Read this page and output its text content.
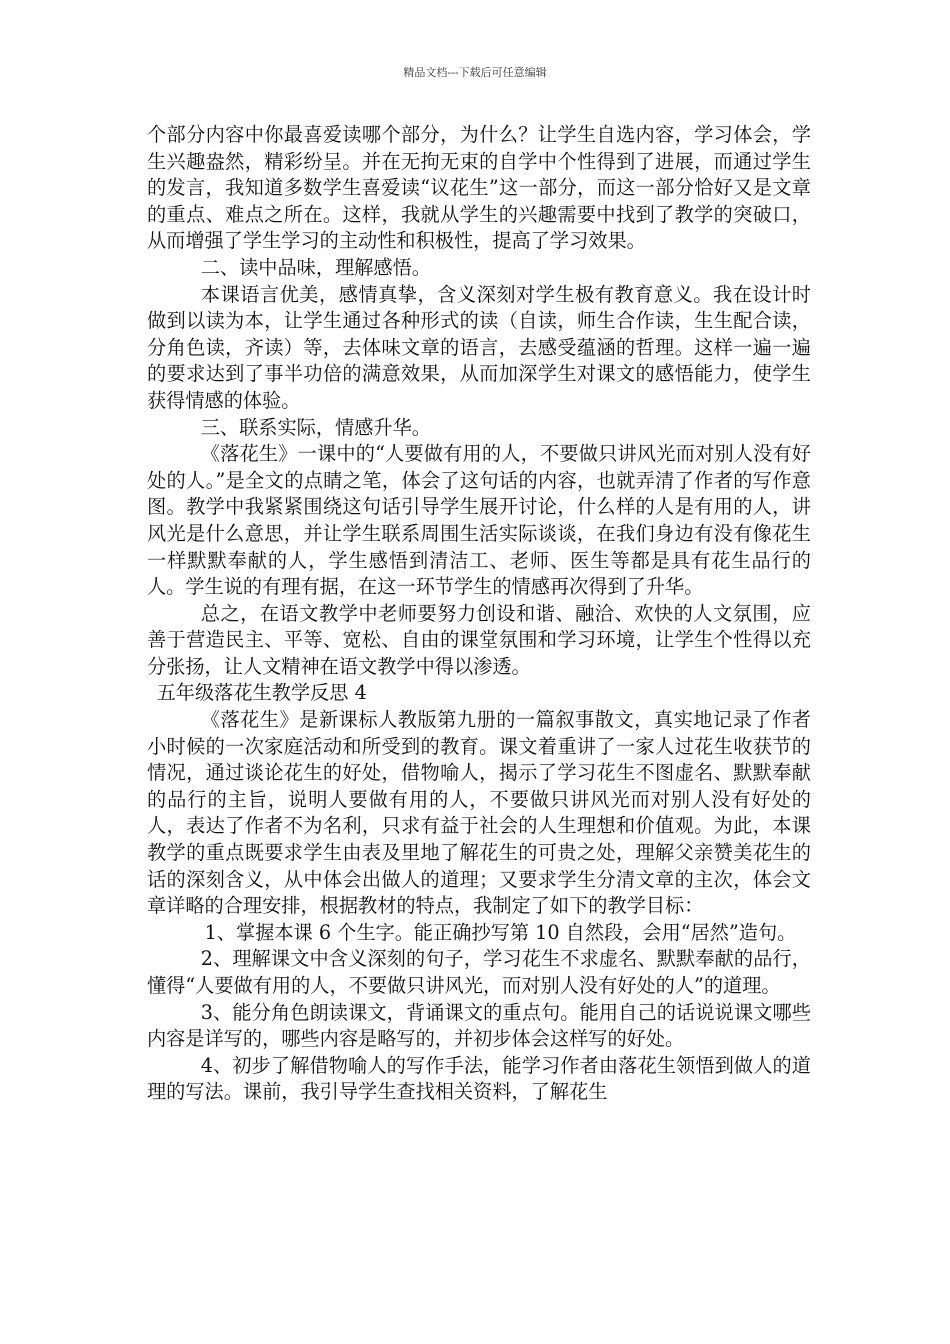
精品文档---下载后可任意编辑

个部分内容中你最喜爱读哪个部分，为什么？让学生自选内容，学习体会，学生兴趣盎然，精彩纷呈。并在无拘无束的自学中个性得到了进展，而通过学生的发言，我知道多数学生喜爱读“议花生”这一部分，而这一部分恰好又是文章的重点、难点之所在。这样，我就从学生的兴趣需要中找到了教学的突破口，从而增强了学生学习的主动性和积极性，提高了学习效果。

二、读中品味，理解感悟。

本课语言优美，感情真挚，含义深刻对学生极有教育意义。我在设计时做到以读为本，让学生通过各种形式的读（自读，师生合作读，生生配合读，分角色读，齐读）等，去体味文章的语言，去感受蕴涵的哲理。这样一遍一遍的要求达到了事半功倍的满意效果，从而加深学生对课文的感悟能力，使学生获得情感的体验。

三、联系实际，情感升华。

《落花生》一课中的“人要做有用的人，不要做只讲风光而对别人没有好处的人。”是全文的点睛之笔，体会了这句话的内容，也就弄清了作者的写作意图。教学中我紧紧围绕这句话引导学生展开讨论，什么样的人是有用的人，讲风光是什么意思，并让学生联系周围生活实际谈谈，在我们身边有没有像花生一样默默奉献的人，学生感悟到清洁工、老师、医生等都是具有花生品行的人。学生说的有理有据，在这一环节学生的情感再次得到了升华。

总之，在语文教学中老师要努力创设和谐、融洽、欢快的人文氛围，应善于营造民主、平等、宽松、自由的课堂氛围和学习环境，让学生个性得以充分张扬，让人文精神在语文教学中得以渗透。

五年级落花生教学反思 4

《落花生》是新课标人教版第九册的一篇叙事散文，真实地记录了作者小时候的一次家庭活动和所受到的教育。课文着重讲了一家人过花生收获节的情况，通过谈论花生的好处，借物喻人，揭示了学习花生不图虚名、默默奉献的品行的主旨，说明人要做有用的人，不要做只讲风光而对别人没有好处的人，表达了作者不为名利，只求有益于社会的人生理想和价值观。为此，本课教学的重点既要求学生由表及里地了解花生的可贵之处，理解父亲赞美花生的话的深刻含义，从中体会出做人的道理；又要求学生分清文章的主次，体会文章详略的合理安排，根据教材的特点，我制定了如下的教学目标：

1、掌握本课 6 个生字。能正确抄写第 10 自然段，会用“居然”造句。

2、理解课文中含义深刻的句子，学习花生不求虚名、默默奉献的品行，懂得“人要做有用的人，不要做只讲风光，而对别人没有好处的人”的道理。

3、能分角色朗读课文，背诵课文的重点句。能用自己的话说说课文哪些内容是详写的，哪些内容是略写的，并初步体会这样写的好处。

4、初步了解借物喻人的写作手法，能学习作者由落花生领悟到做人的道理的写法。课前，我引导学生查找相关资料，了解花生
